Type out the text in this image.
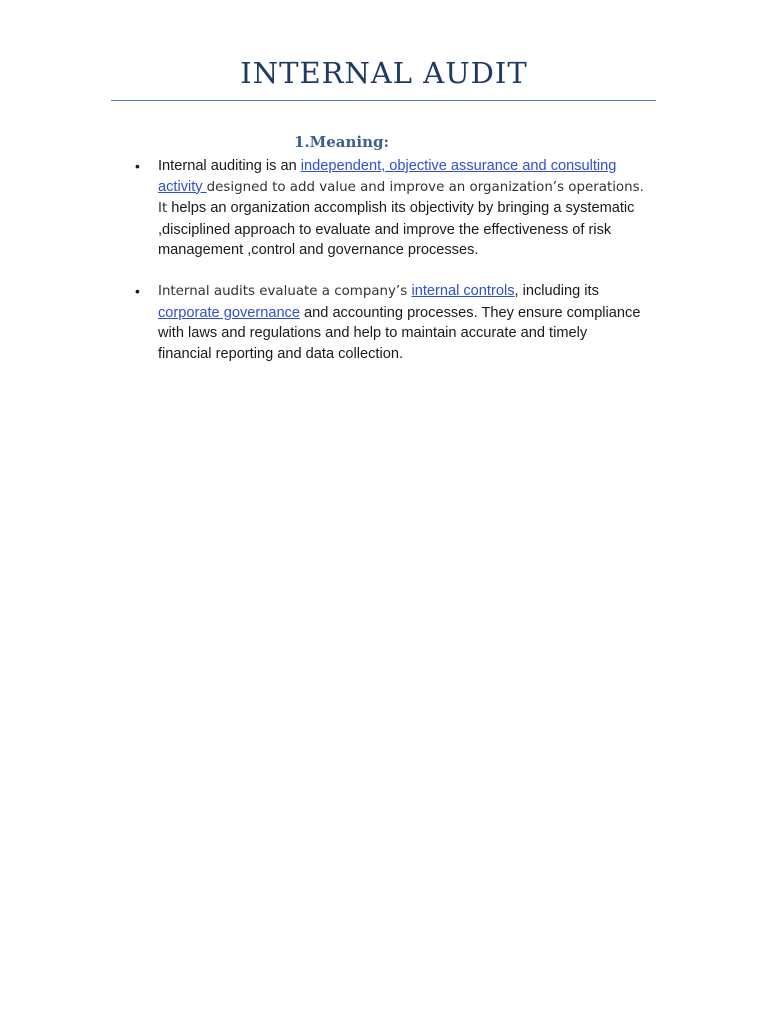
INTERNAL AUDIT
1.Meaning:
• Internal auditing is an independent, objective assurance and consulting activity designed to add value and improve an organization’s operations. It helps an organization accomplish its objectivity by bringing a systematic ,disciplined approach to evaluate and improve the effectiveness of risk management ,control and governance processes.
• Internal audits evaluate a company’s internal controls, including its corporate governance and accounting processes. They ensure compliance with laws and regulations and help to maintain accurate and timely financial reporting and data collection.
